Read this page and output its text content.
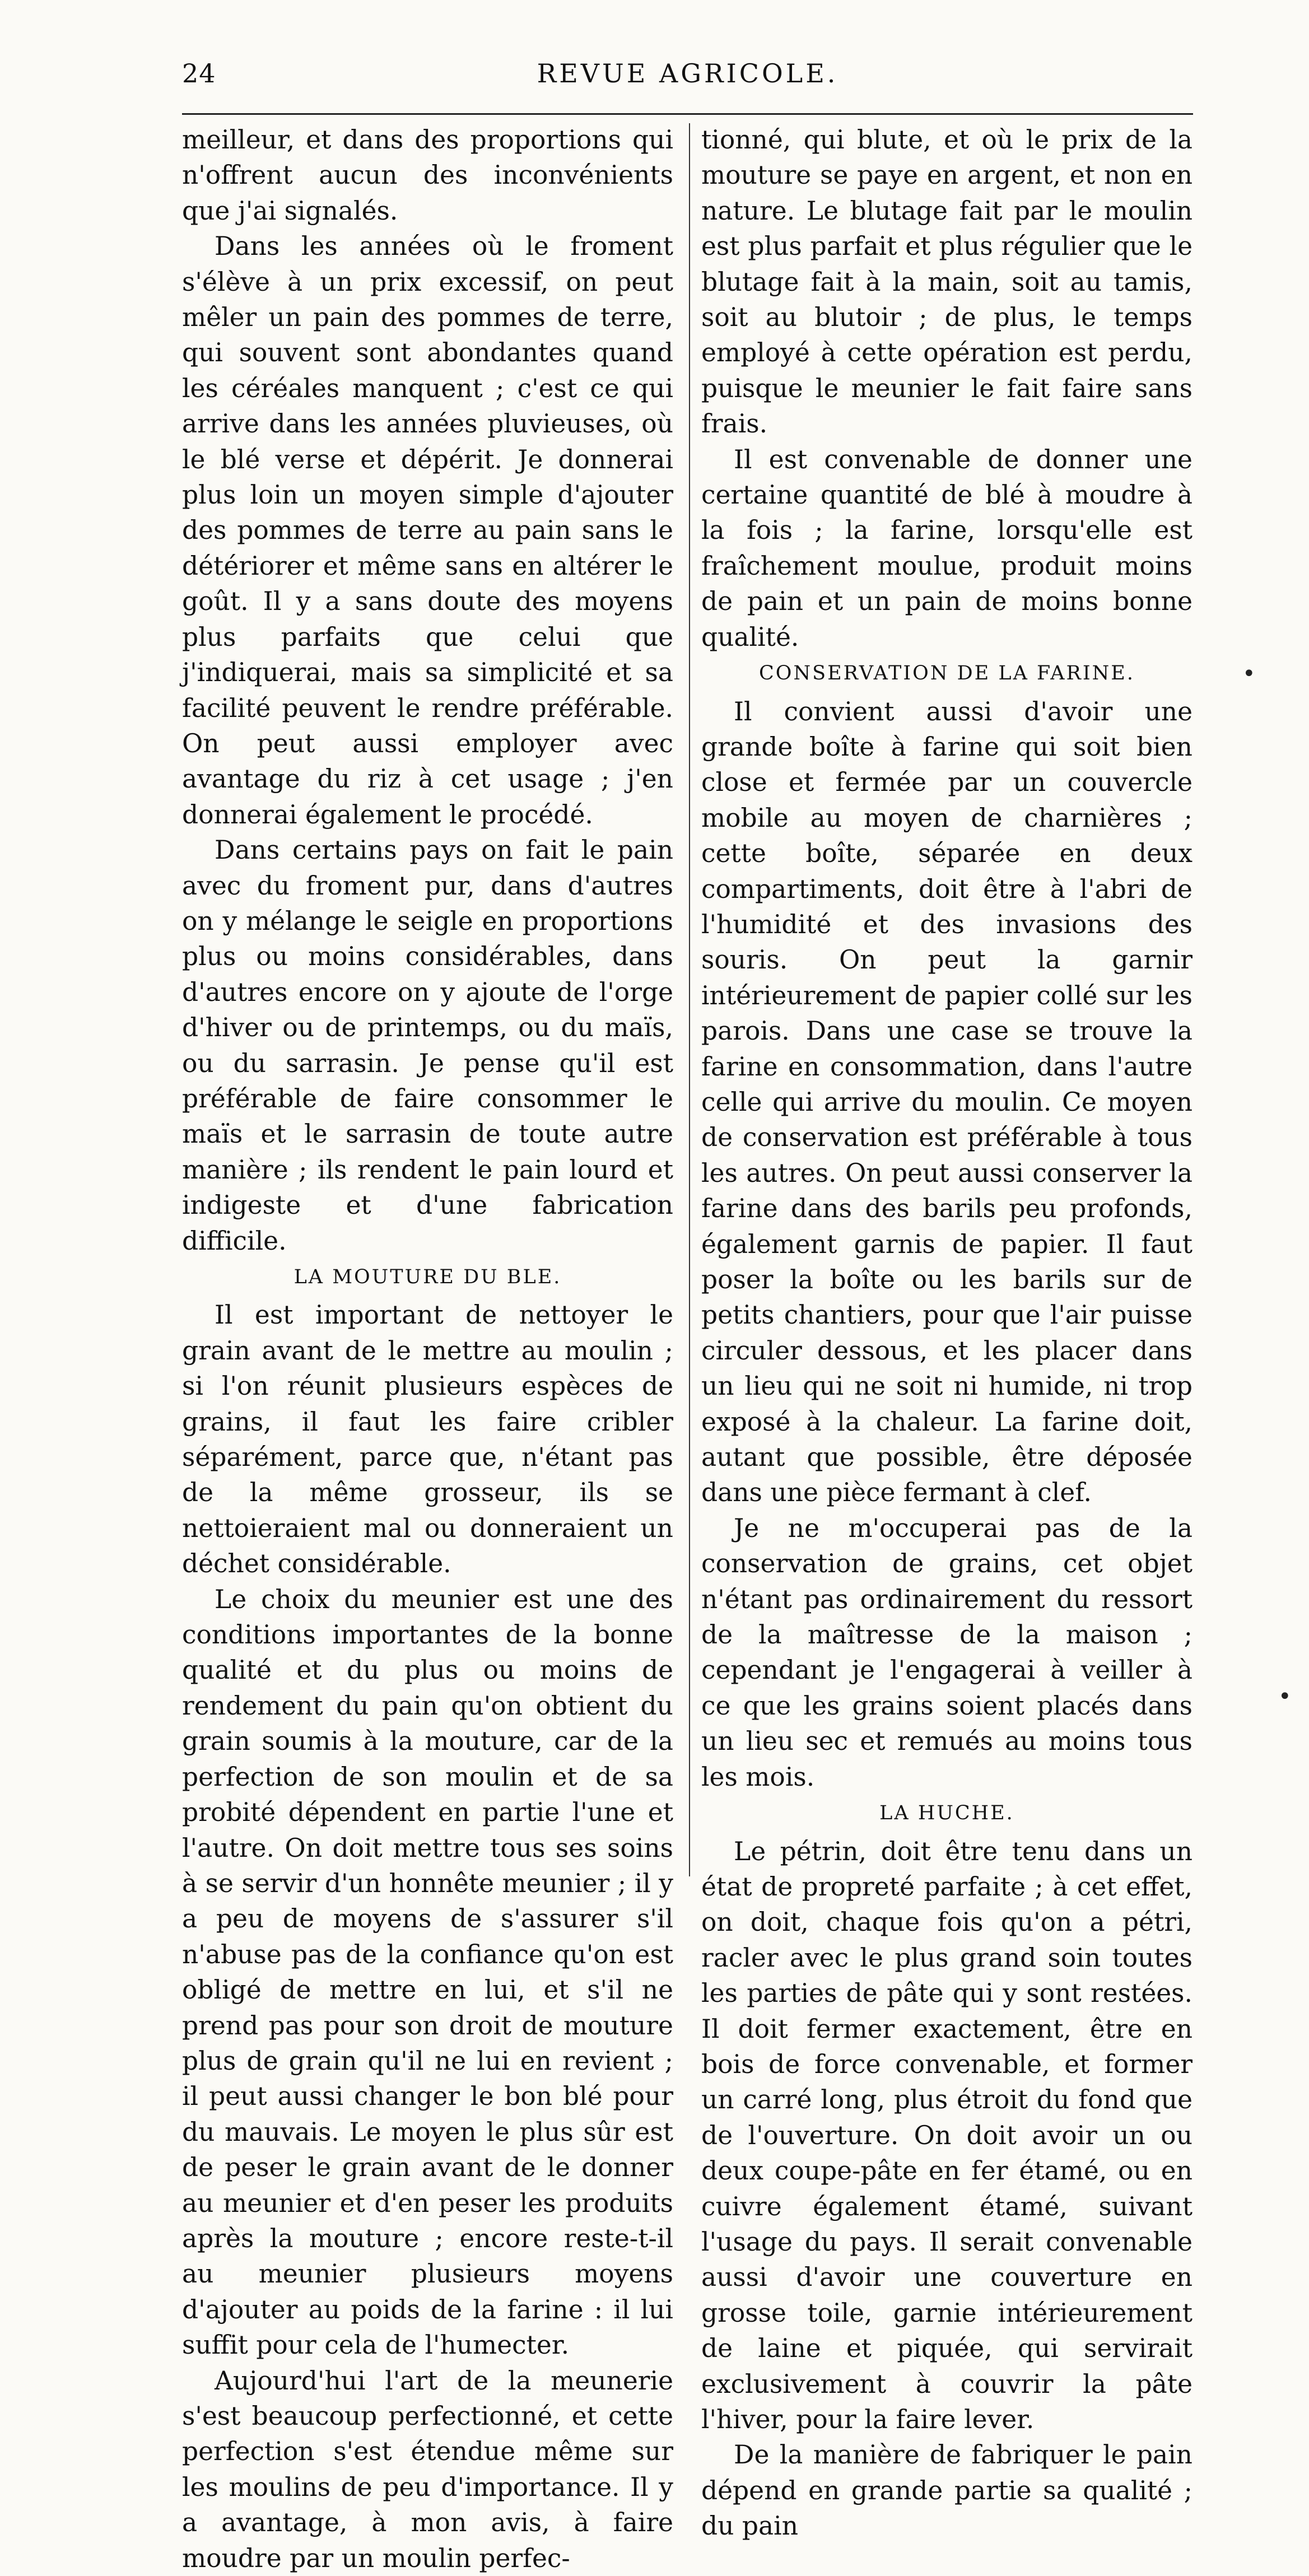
24	REVUE AGRICOLE.

meilleur, et dans des proportions qui n'offrent aucun des inconvénients que j'ai signalés.

Dans les années où le froment s'élève à un prix excessif, on peut mêler un pain des pommes de terre, qui souvent sont abondantes quand les céréales manquent ; c'est ce qui arrive dans les années pluvieuses, où le blé verse et dépérit. Je donnerai plus loin un moyen simple d'ajouter des pommes de terre au pain sans le détériorer et même sans en altérer le goût. Il y a sans doute des moyens plus parfaits que celui que j'indiquerai, mais sa simplicité et sa facilité peuvent le rendre préférable. On peut aussi employer avec avantage du riz à cet usage ; j'en donnerai également le procédé.

Dans certains pays on fait le pain avec du froment pur, dans d'autres on y mélange le seigle en proportions plus ou moins considérables, dans d'autres encore on y ajoute de l'orge d'hiver ou de printemps, ou du maïs, ou du sarrasin. Je pense qu'il est préférable de faire consommer le maïs et le sarrasin de toute autre manière ; ils rendent le pain lourd et indigeste et d'une fabrication difficile.

LA MOUTURE DU BLE.

Il est important de nettoyer le grain avant de le mettre au moulin ; si l'on réunit plusieurs espèces de grains, il faut les faire cribler séparément, parce que, n'étant pas de la même grosseur, ils se nettoieraient mal ou donneraient un déchet considérable.

Le choix du meunier est une des conditions importantes de la bonne qualité et du plus ou moins de rendement du pain qu'on obtient du grain soumis à la mouture, car de la perfection de son moulin et de sa probité dépendent en partie l'une et l'autre. On doit mettre tous ses soins à se servir d'un honnête meunier ; il y a peu de moyens de s'assurer s'il n'abuse pas de la confiance qu'on est obligé de mettre en lui, et s'il ne prend pas pour son droit de mouture plus de grain qu'il ne lui en revient ; il peut aussi changer le bon blé pour du mauvais. Le moyen le plus sûr est de peser le grain avant de le donner au meunier et d'en peser les produits après la mouture ; encore reste-t-il au meunier plusieurs moyens d'ajouter au poids de la farine : il lui suffit pour cela de l'humecter.

Aujourd'hui l'art de la meunerie s'est beaucoup perfectionné, et cette perfection s'est étendue même sur les moulins de peu d'importance. Il y a avantage, à mon avis, à faire moudre par un moulin perfec-

tionné, qui blute, et où le prix de la mouture se paye en argent, et non en nature. Le blutage fait par le moulin est plus parfait et plus régulier que le blutage fait à la main, soit au tamis, soit au blutoir ; de plus, le temps employé à cette opération est perdu, puisque le meunier le fait faire sans frais.

Il est convenable de donner une certaine quantité de blé à moudre à la fois ; la farine, lorsqu'elle est fraîchement moulue, produit moins de pain et un pain de moins bonne qualité.

CONSERVATION DE LA FARINE.

Il convient aussi d'avoir une grande boîte à farine qui soit bien close et fermée par un couvercle mobile au moyen de charnières ; cette boîte, séparée en deux compartiments, doit être à l'abri de l'humidité et des invasions des souris. On peut la garnir intérieurement de papier collé sur les parois. Dans une case se trouve la farine en consommation, dans l'autre celle qui arrive du moulin. Ce moyen de conservation est préférable à tous les autres. On peut aussi conserver la farine dans des barils peu profonds, également garnis de papier. Il faut poser la boîte ou les barils sur de petits chantiers, pour que l'air puisse circuler dessous, et les placer dans un lieu qui ne soit ni humide, ni trop exposé à la chaleur. La farine doit, autant que possible, être déposée dans une pièce fermant à clef.

Je ne m'occuperai pas de la conservation de grains, cet objet n'étant pas ordinairement du ressort de la maîtresse de la maison ; cependant je l'engagerai à veiller à ce que les grains soient placés dans un lieu sec et remués au moins tous les mois.

LA HUCHE.

Le pétrin, doit être tenu dans un état de propreté parfaite ; à cet effet, on doit, chaque fois qu'on a pétri, racler avec le plus grand soin toutes les parties de pâte qui y sont restées. Il doit fermer exactement, être en bois de force convenable, et former un carré long, plus étroit du fond que de l'ouverture. On doit avoir un ou deux coupe-pâte en fer étamé, ou en cuivre également étamé, suivant l'usage du pays. Il serait convenable aussi d'avoir une couverture en grosse toile, garnie intérieurement de laine et piquée, qui servirait exclusivement à couvrir la pâte l'hiver, pour la faire lever.

De la manière de fabriquer le pain dépend en grande partie sa qualité ; du pain

•
•
